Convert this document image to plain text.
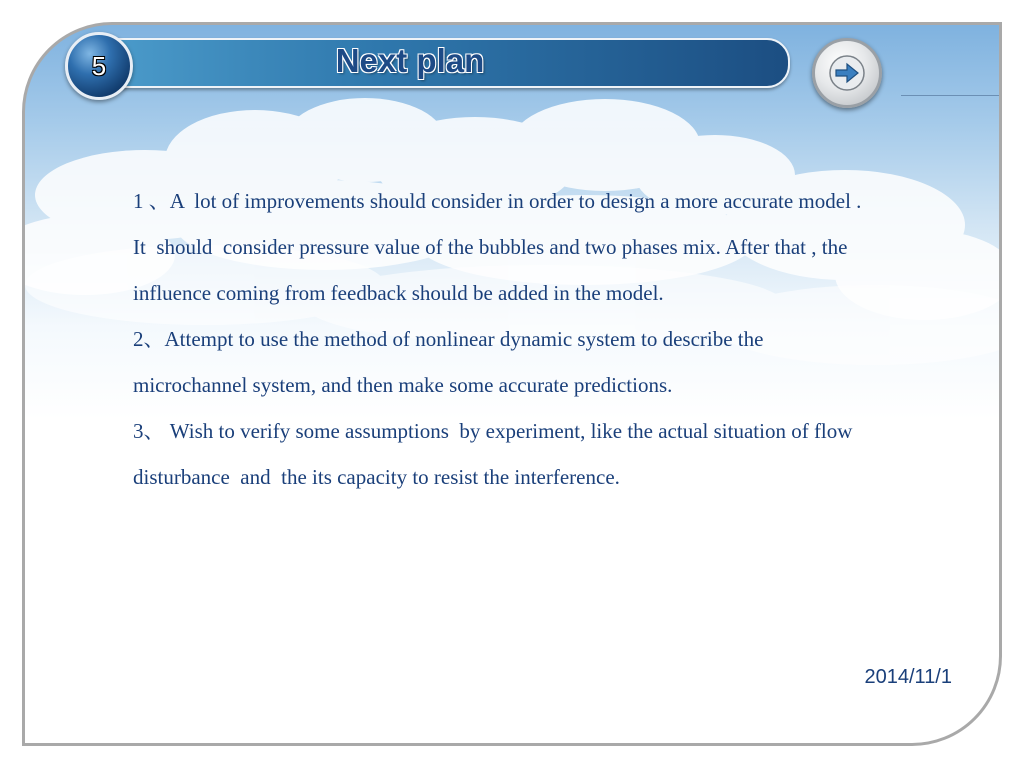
5	Next plan

1 、A  lot of improvements should consider in order to design a more accurate model . It  should  consider pressure value of the bubbles and two phases mix. After that , the influence coming from feedback should be added in the model.

2、Attempt to use the method of nonlinear dynamic system to describe the microchannel system, and then make some accurate predictions.

3、 Wish to verify some assumptions  by experiment, like the actual situation of flow disturbance  and  the its capacity to resist the interference.

2014/11/1
